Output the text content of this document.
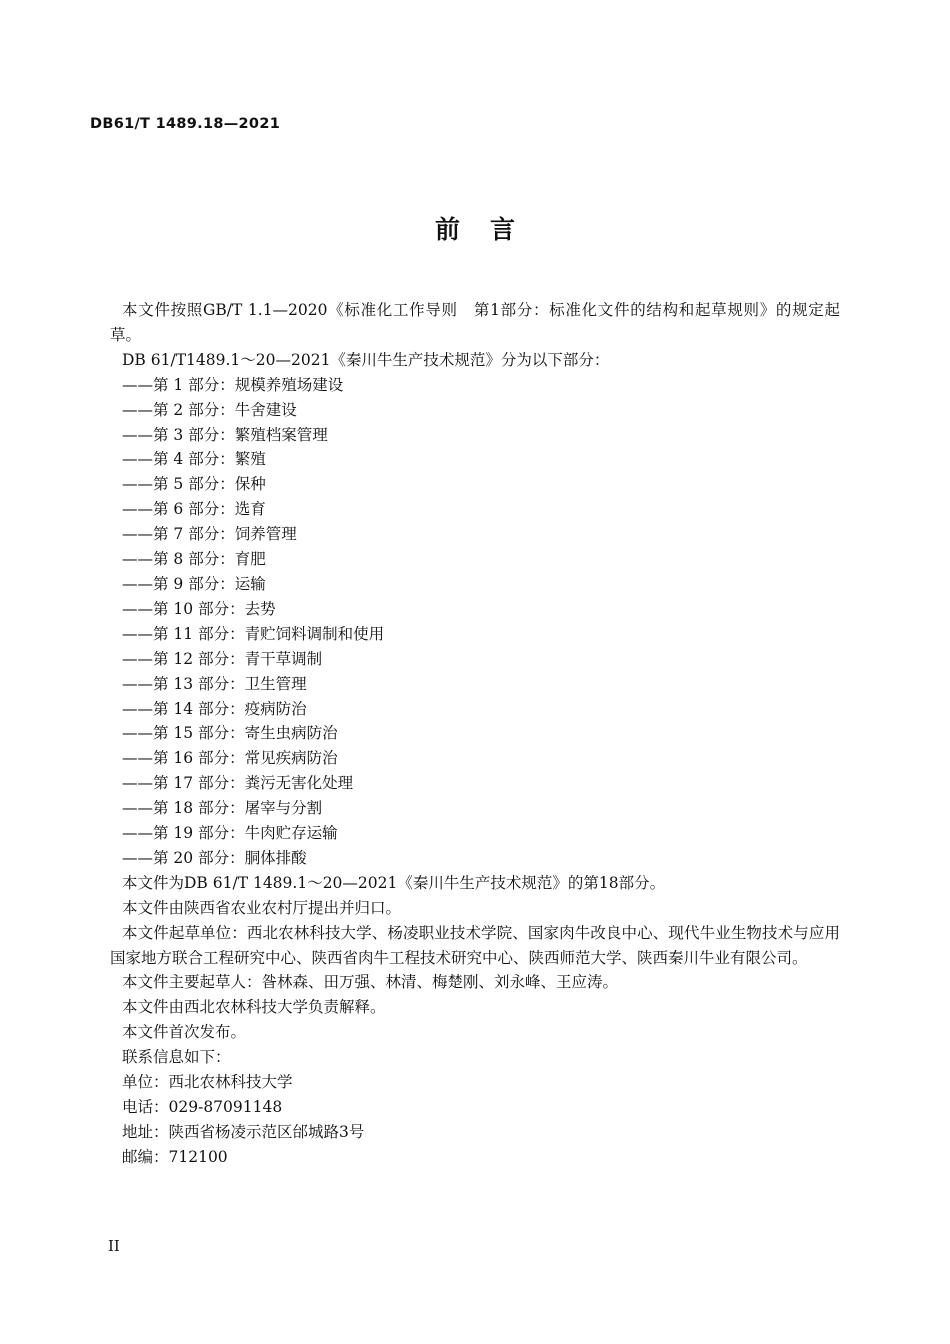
DB61/T 1489.18—2021
前言

本文件按照GB/T 1.1—2020《标准化工作导则　第1部分：标准化文件的结构和起草规则》的规定起草。

DB 61/T1489.1～20—2021《秦川牛生产技术规范》分为以下部分：

——第 1 部分：规模养殖场建设

——第 2 部分：牛舍建设

——第 3 部分：繁殖档案管理

——第 4 部分：繁殖

——第 5 部分：保种

——第 6 部分：选育

——第 7 部分：饲养管理

——第 8 部分：育肥

——第 9 部分：运输

——第 10 部分：去势

——第 11 部分：青贮饲料调制和使用

——第 12 部分：青干草调制

——第 13 部分：卫生管理

——第 14 部分：疫病防治

——第 15 部分：寄生虫病防治

——第 16 部分：常见疾病防治

——第 17 部分：粪污无害化处理

——第 18 部分：屠宰与分割

——第 19 部分：牛肉贮存运输

——第 20 部分：胴体排酸

本文件为DB 61/T 1489.1～20—2021《秦川牛生产技术规范》的第18部分。

本文件由陕西省农业农村厅提出并归口。

本文件起草单位：西北农林科技大学、杨凌职业技术学院、国家肉牛改良中心、现代牛业生物技术与应用国家地方联合工程研究中心、陕西省肉牛工程技术研究中心、陕西师范大学、陕西秦川牛业有限公司。

本文件主要起草人：昝林森、田万强、林清、梅楚刚、刘永峰、王应涛。

本文件由西北农林科技大学负责解释。

本文件首次发布。

联系信息如下：

单位：西北农林科技大学

电话：029-87091148

地址：陕西省杨凌示范区邰城路3号

邮编：712100

II
